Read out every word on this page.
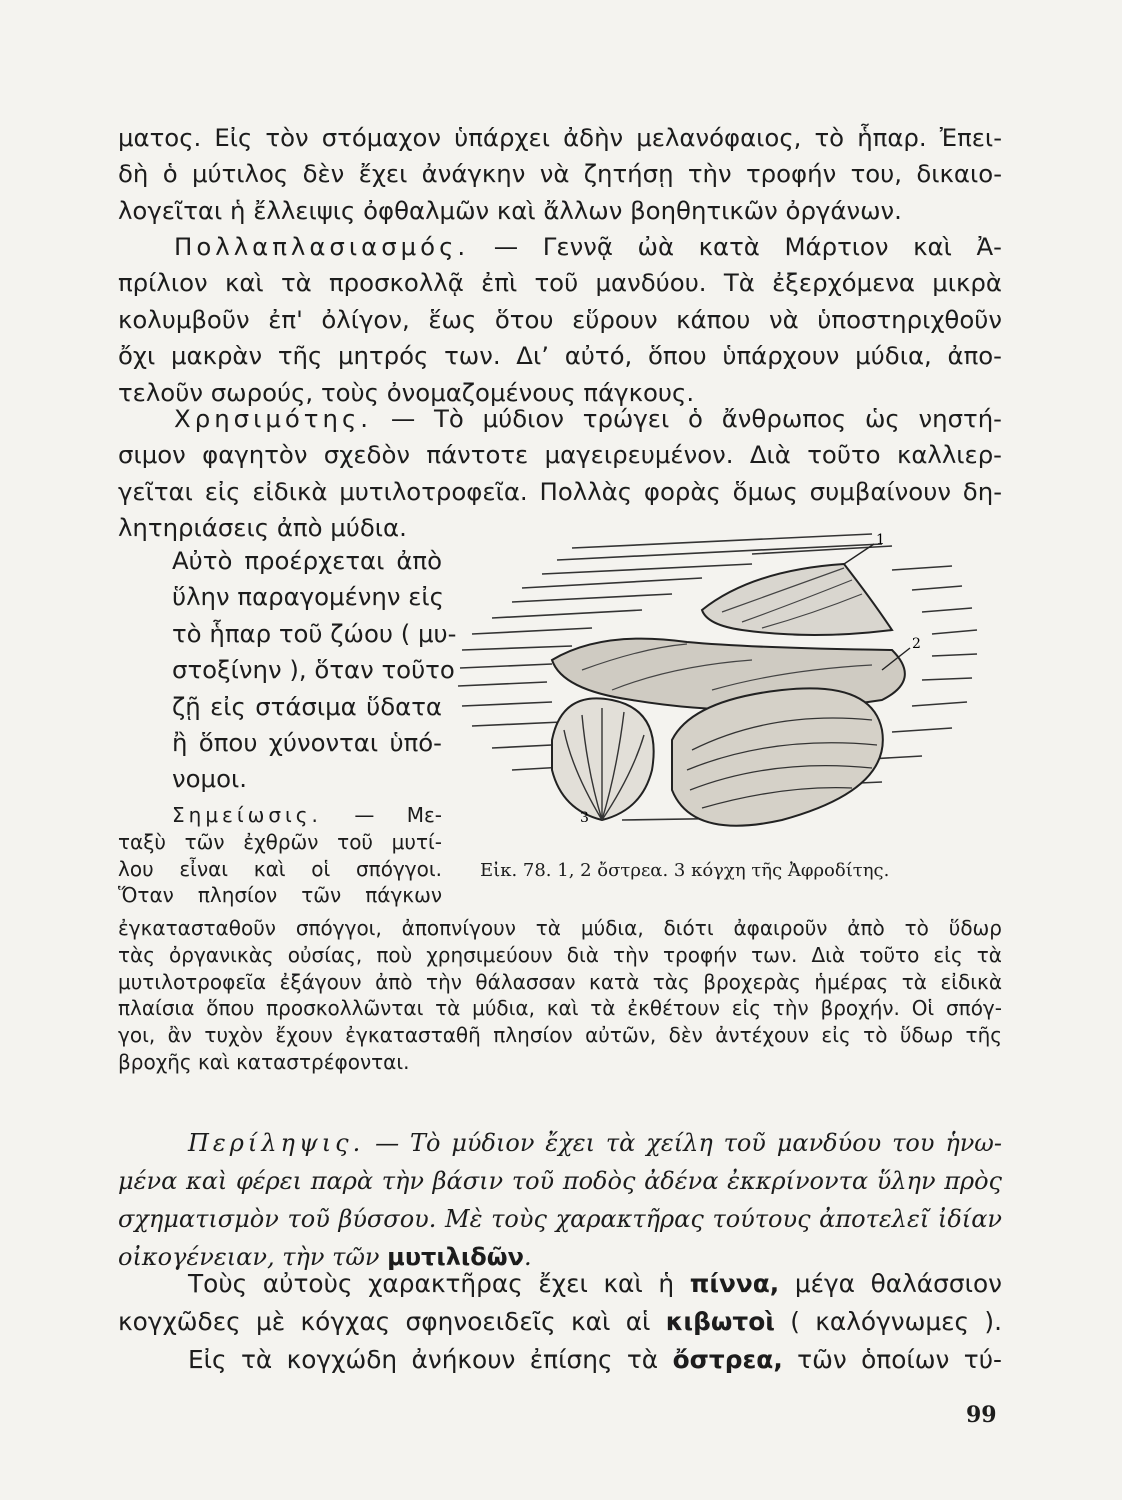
ματος. Εἰς τὸν στόμαχον ὑπάρχει ἀδὴν μελανόφαιος, τὸ ἧπαρ. Ἐπει-
δὴ ὁ μύτιλος δὲν ἔχει ἀνάγκην νὰ ζητήσῃ τὴν τροφήν του, δικαιο-
λογεῖται ἡ ἔλλειψις ὀφθαλμῶν καὶ ἄλλων βοηθητικῶν ὀργάνων.

Πολλαπλασιασμός. — Γεννᾷ ὠὰ κατὰ Μάρτιον καὶ Ἀ-
πρίλιον καὶ τὰ προσκολλᾷ ἐπὶ τοῦ μανδύου. Τὰ ἐξερχόμενα μικρὰ
κολυμβοῦν ἐπ' ὀλίγον, ἕως ὅτου εὕρουν κάπου νὰ ὑποστηριχθοῦν
ὄχι μακρὰν τῆς μητρός των. Διʼ αὐτό, ὅπου ὑπάρχουν μύδια, ἀπο-
τελοῦν σωρούς, τοὺς ὀνομαζομένους πάγκους.

Χρησιμότης. — Τὸ μύδιον τρώγει ὁ ἄνθρωπος ὡς νηστή-
σιμον φαγητὸν σχεδὸν πάντοτε μαγειρευμένον. Διὰ τοῦτο καλλιερ-
γεῖται εἰς εἰδικὰ μυτιλοτροφεῖα. Πολλὰς φορὰς ὅμως συμβαίνουν δη-
λητηριάσεις ἀπὸ μύδια.

Αὐτὸ προέρχεται ἀπὸ
ὕλην παραγομένην εἰς
τὸ ἧπαρ τοῦ ζώου ( μυ-
στοξίνην ), ὅταν τοῦτο
ζῇ εἰς στάσιμα ὕδατα
ἢ ὅπου χύνονται ὑπό-
νομοι.

Σημείωσις. — Με-
ταξὺ τῶν ἐχθρῶν τοῦ μυτί-
λου εἶναι καὶ οἱ σπόγγοι.
Ὅταν πλησίον τῶν πάγκων

ἐγκατασταθοῦν σπόγγοι, ἀποπνίγουν τὰ μύδια, διότι ἀφαιροῦν ἀπὸ τὸ ὕδωρ
τὰς ὀργανικὰς οὐσίας, ποὺ χρησιμεύουν διὰ τὴν τροφήν των. Διὰ τοῦτο εἰς τὰ
μυτιλοτροφεῖα ἐξάγουν ἀπὸ τὴν θάλασσαν κατὰ τὰς βροχερὰς ἡμέρας τὰ εἰδικὰ
πλαίσια ὅπου προσκολλῶνται τὰ μύδια, καὶ τὰ ἐκθέτουν εἰς τὴν βροχήν. Οἱ σπόγ-
γοι, ἂν τυχὸν ἔχουν ἐγκατασταθῆ πλησίον αὐτῶν, δὲν ἀντέχουν εἰς τὸ ὕδωρ τῆς
βροχῆς καὶ καταστρέφονται.

1
2
3
Εἰκ. 78. 1, 2 ὄστρεα. 3 κόγχη τῆς Ἀφροδίτης.

Περίληψις. — Τὸ μύδιον ἔχει τὰ χείλη τοῦ μανδύου του ἡνω-
μένα καὶ φέρει παρὰ τὴν βάσιν τοῦ ποδὸς ἀδένα ἐκκρίνοντα ὕλην πρὸς
σχηματισμὸν τοῦ βύσσου. Μὲ τοὺς χαρακτῆρας τούτους ἀποτελεῖ ἰδίαν
οἰκογένειαν, τὴν τῶν μυτιλιδῶν.

Τοὺς αὐτοὺς χαρακτῆρας ἔχει καὶ ἡ πίννα, μέγα θαλάσσιον
κογχῶδες μὲ κόγχας σφηνοειδεῖς καὶ αἱ κιβωτοὶ ( καλόγνωμες ).
Εἰς τὰ κογχώδη ἀνήκουν ἐπίσης τὰ ὄστρεα, τῶν ὁποίων τύ-

99
